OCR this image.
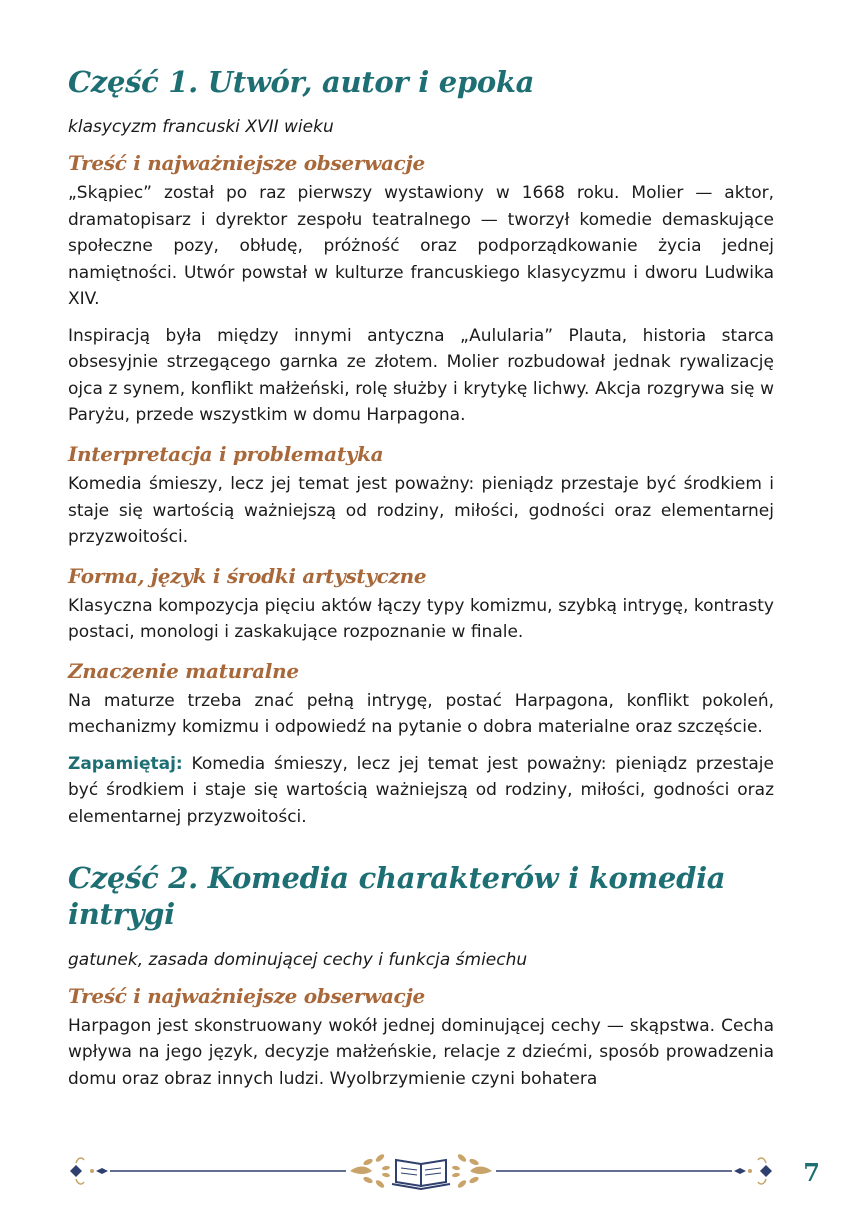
Część 1. Utwór, autor i epoka
klasycyzm francuski XVII wieku
Treść i najważniejsze obserwacje

„Skąpiec” został po raz pierwszy wystawiony w 1668 roku. Molier — aktor, dramatopisarz i dyrektor zespołu teatralnego — tworzył komedie demaskujące społeczne pozy, obłudę, próżność oraz podporządkowanie życia jednej namiętności. Utwór powstał w kulturze francuskiego klasycyzmu i dworu Ludwika XIV.

Inspiracją była między innymi antyczna „Aulularia” Plauta, historia starca obsesyjnie strzegącego garnka ze złotem. Molier rozbudował jednak rywalizację ojca z synem, konflikt małżeński, rolę służby i krytykę lichwy. Akcja rozgrywa się w Paryżu, przede wszystkim w domu Harpagona.

Interpretacja i problematyka

Komedia śmieszy, lecz jej temat jest poważny: pieniądz przestaje być środkiem i staje się wartością ważniejszą od rodziny, miłości, godności oraz elementarnej przyzwoitości.

Forma, język i środki artystyczne

Klasyczna kompozycja pięciu aktów łączy typy komizmu, szybką intrygę, kontrasty postaci, monologi i zaskakujące rozpoznanie w finale.

Znaczenie maturalne

Na maturze trzeba znać pełną intrygę, postać Harpagona, konflikt pokoleń, mechanizmy komizmu i odpowiedź na pytanie o dobra materialne oraz szczęście.

Zapamiętaj: Komedia śmieszy, lecz jej temat jest poważny: pieniądz przestaje być środkiem i staje się wartością ważniejszą od rodziny, miłości, godności oraz elementarnej przyzwoitości.

Część 2. Komedia charakterów i komedia intrygi
gatunek, zasada dominującej cechy i funkcja śmiechu
Treść i najważniejsze obserwacje

Harpagon jest skonstruowany wokół jednej dominującej cechy — skąpstwa. Cecha wpływa na jego język, decyzje małżeńskie, relacje z dziećmi, sposób prowadzenia domu oraz obraz innych ludzi. Wyolbrzymienie czyni bohatera

7
